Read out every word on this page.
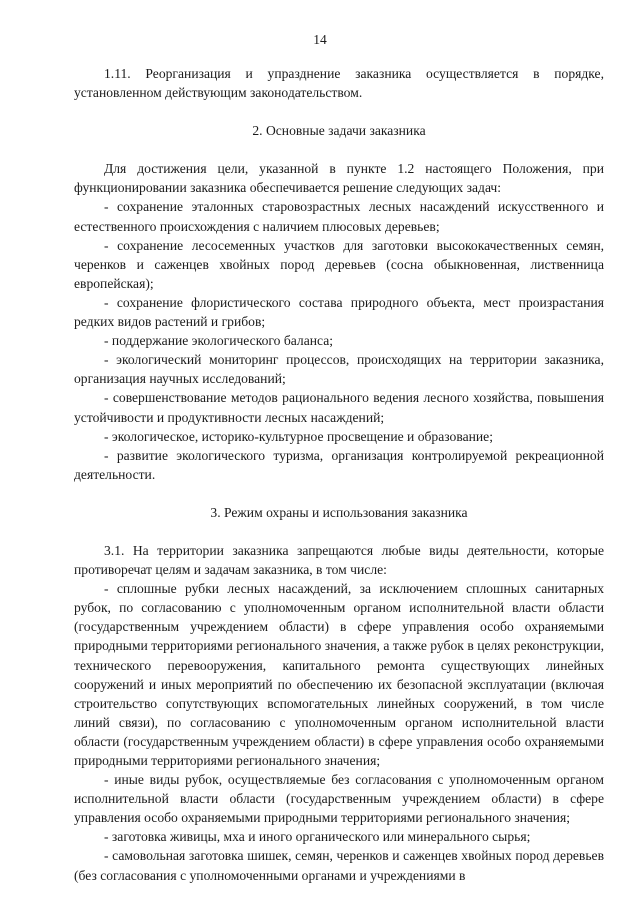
14

1.11. Реорганизация и упразднение заказника осуществляется в порядке, установленном действующим законодательством.

2. Основные задачи заказника

Для достижения цели, указанной в пункте 1.2 настоящего Положения, при функционировании заказника обеспечивается решение следующих задач:

- сохранение эталонных старовозрастных лесных насаждений искусственного и естественного происхождения с наличием плюсовых деревьев;

- сохранение лесосеменных участков для заготовки высококачественных семян, черенков и саженцев хвойных пород деревьев (сосна обыкновенная, лиственница европейская);

- сохранение флористического состава природного объекта, мест произрастания редких видов растений и грибов;

- поддержание экологического баланса;

- экологический мониторинг процессов, происходящих на территории заказника, организация научных исследований;

- совершенствование методов рационального ведения лесного хозяйства, повышения устойчивости и продуктивности лесных насаждений;

- экологическое, историко-культурное просвещение и образование;

- развитие экологического туризма, организация контролируемой рекреационной деятельности.

3. Режим охраны и использования заказника

3.1. На территории заказника запрещаются любые виды деятельности, которые противоречат целям и задачам заказника, в том числе:

- сплошные рубки лесных насаждений, за исключением сплошных санитарных рубок, по согласованию с уполномоченным органом исполнительной власти области (государственным учреждением области) в сфере управления особо охраняемыми природными территориями регионального значения, а также рубок в целях реконструкции, технического перевооружения, капитального ремонта существующих линейных сооружений и иных мероприятий по обеспечению их безопасной эксплуатации (включая строительство сопутствующих вспомогательных линейных сооружений, в том числе линий связи), по согласованию с уполномоченным органом исполнительной власти области (государственным учреждением области) в сфере управления особо охраняемыми природными территориями регионального значения;

- иные виды рубок, осуществляемые без согласования с уполномоченным органом исполнительной власти области (государственным учреждением области) в сфере управления особо охраняемыми природными территориями регионального значения;

- заготовка живицы, мха и иного органического или минерального сырья;

- самовольная заготовка шишек, семян, черенков и саженцев хвойных пород деревьев (без согласования с уполномоченными органами и учреждениями в
